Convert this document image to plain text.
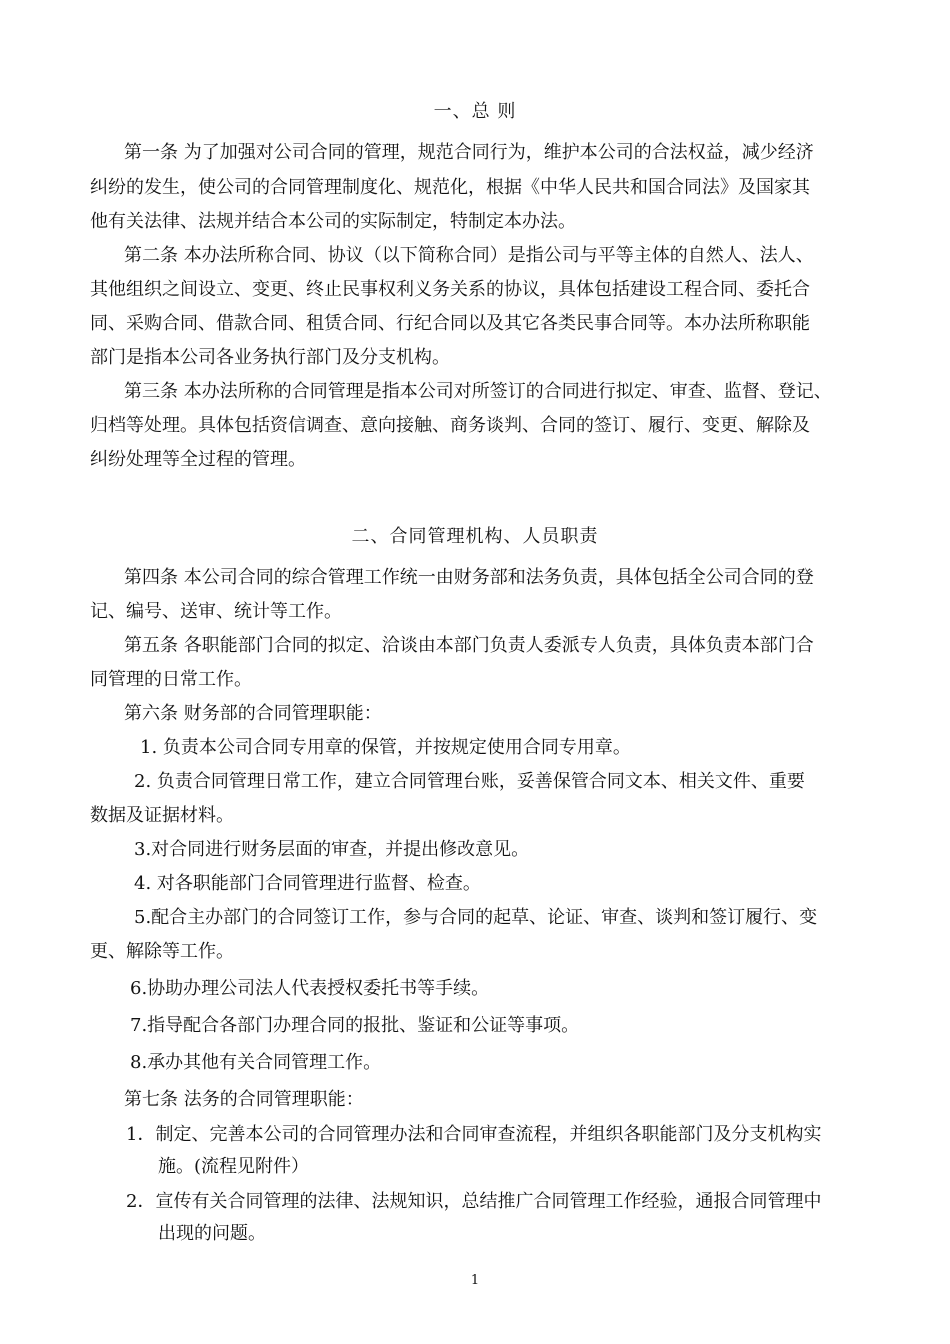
一、总 则
第一条 为了加强对公司合同的管理，规范合同行为，维护本公司的合法权益，减少经济
纠纷的发生，使公司的合同管理制度化、规范化，根据《中华人民共和国合同法》及国家其
他有关法律、法规并结合本公司的实际制定，特制定本办法。
第二条 本办法所称合同、协议（以下简称合同）是指公司与平等主体的自然人、法人、
其他组织之间设立、变更、终止民事权利义务关系的协议，具体包括建设工程合同、委托合
同、采购合同、借款合同、租赁合同、行纪合同以及其它各类民事合同等。本办法所称职能
部门是指本公司各业务执行部门及分支机构。
第三条 本办法所称的合同管理是指本公司对所签订的合同进行拟定、审查、监督、登记、
归档等处理。具体包括资信调查、意向接触、商务谈判、合同的签订、履行、变更、解除及
纠纷处理等全过程的管理。
二、合同管理机构、人员职责
第四条 本公司合同的综合管理工作统一由财务部和法务负责，具体包括全公司合同的登
记、编号、送审、统计等工作。
第五条 各职能部门合同的拟定、洽谈由本部门负责人委派专人负责，具体负责本部门合
同管理的日常工作。
第六条 财务部的合同管理职能：
1. 负责本公司合同专用章的保管，并按规定使用合同专用章。
2. 负责合同管理日常工作，建立合同管理台账，妥善保管合同文本、相关文件、重要
数据及证据材料。
3.对合同进行财务层面的审查，并提出修改意见。
4. 对各职能部门合同管理进行监督、检查。
5.配合主办部门的合同签订工作，参与合同的起草、论证、审查、谈判和签订履行、变
更、解除等工作。
6.协助办理公司法人代表授权委托书等手续。
7.指导配合各部门办理合同的报批、鉴证和公证等事项。
8.承办其他有关合同管理工作。
第七条 法务的合同管理职能：
1．制定、完善本公司的合同管理办法和合同审查流程，并组织各职能部门及分支机构实
施。(流程见附件）
2．宣传有关合同管理的法律、法规知识，总结推广合同管理工作经验，通报合同管理中
出现的问题。
1
